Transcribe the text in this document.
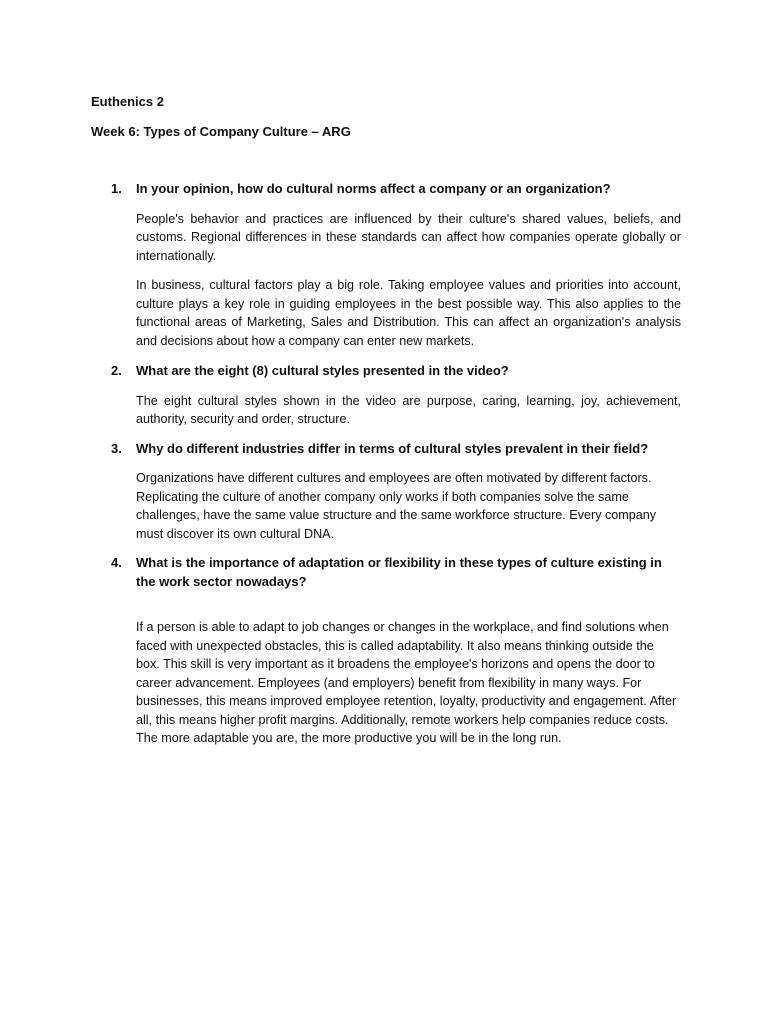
Euthenics 2

Week 6: Types of Company Culture – ARG

1. In your opinion, how do cultural norms affect a company or an organization?

People's behavior and practices are influenced by their culture's shared values, beliefs, and customs. Regional differences in these standards can affect how companies operate globally or internationally.

In business, cultural factors play a big role. Taking employee values and priorities into account, culture plays a key role in guiding employees in the best possible way. This also applies to the functional areas of Marketing, Sales and Distribution. This can affect an organization's analysis and decisions about how a company can enter new markets.

2. What are the eight (8) cultural styles presented in the video?

The eight cultural styles shown in the video are purpose, caring, learning, joy, achievement, authority, security and order, structure.

3. Why do different industries differ in terms of cultural styles prevalent in their field?

Organizations have different cultures and employees are often motivated by different factors. Replicating the culture of another company only works if both companies solve the same challenges, have the same value structure and the same workforce structure. Every company must discover its own cultural DNA.

4. What is the importance of adaptation or flexibility in these types of culture existing in the work sector nowadays?

If a person is able to adapt to job changes or changes in the workplace, and find solutions when faced with unexpected obstacles, this is called adaptability. It also means thinking outside the box. This skill is very important as it broadens the employee's horizons and opens the door to career advancement. Employees (and employers) benefit from flexibility in many ways. For businesses, this means improved employee retention, loyalty, productivity and engagement. After all, this means higher profit margins. Additionally, remote workers help companies reduce costs. The more adaptable you are, the more productive you will be in the long run.
